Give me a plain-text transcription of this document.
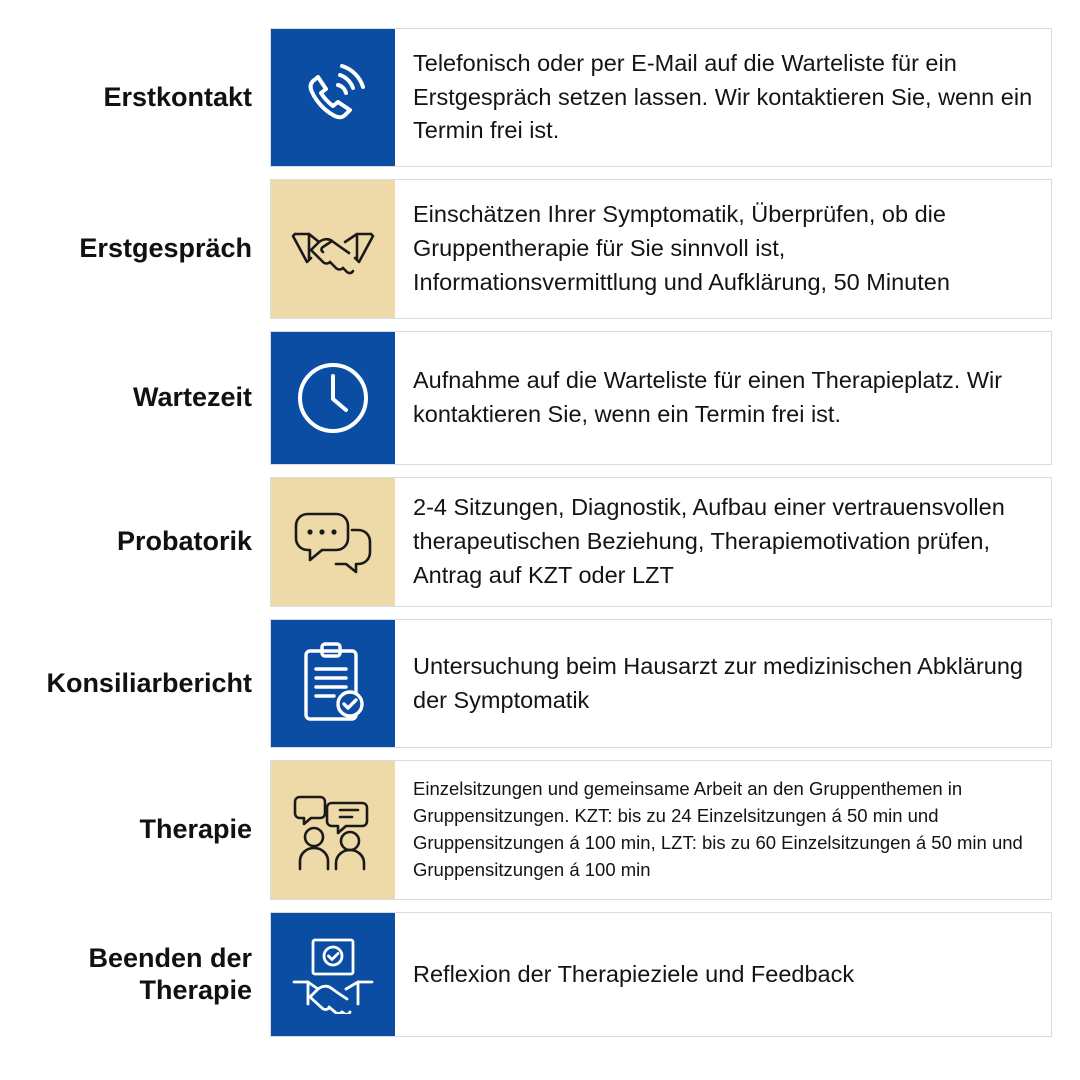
Erstkontakt
Telefonisch oder per E-Mail auf die Warteliste für ein Erstgespräch setzen lassen. Wir kontaktieren Sie, wenn ein Termin frei ist.
Erstgespräch
Einschätzen Ihrer Symptomatik, Überprüfen, ob die Gruppentherapie für Sie sinnvoll ist, Informationsvermittlung und Aufklärung, 50 Minuten
Wartezeit
Aufnahme auf die Warteliste für einen Therapieplatz. Wir kontaktieren Sie, wenn ein Termin frei ist.
Probatorik
2-4 Sitzungen, Diagnostik, Aufbau einer vertrauensvollen therapeutischen Beziehung, Therapiemotivation prüfen, Antrag auf KZT oder LZT
Konsiliarbericht
Untersuchung beim Hausarzt zur medizinischen Abklärung der Symptomatik
Therapie
Einzelsitzungen und gemeinsame Arbeit an den Gruppenthemen in Gruppensitzungen. KZT: bis zu 24 Einzelsitzungen á 50 min und Gruppensitzungen á 100 min, LZT: bis zu 60 Einzelsitzungen á 50 min und Gruppensitzungen á 100 min
Beenden der Therapie
Reflexion der Therapieziele und Feedback
